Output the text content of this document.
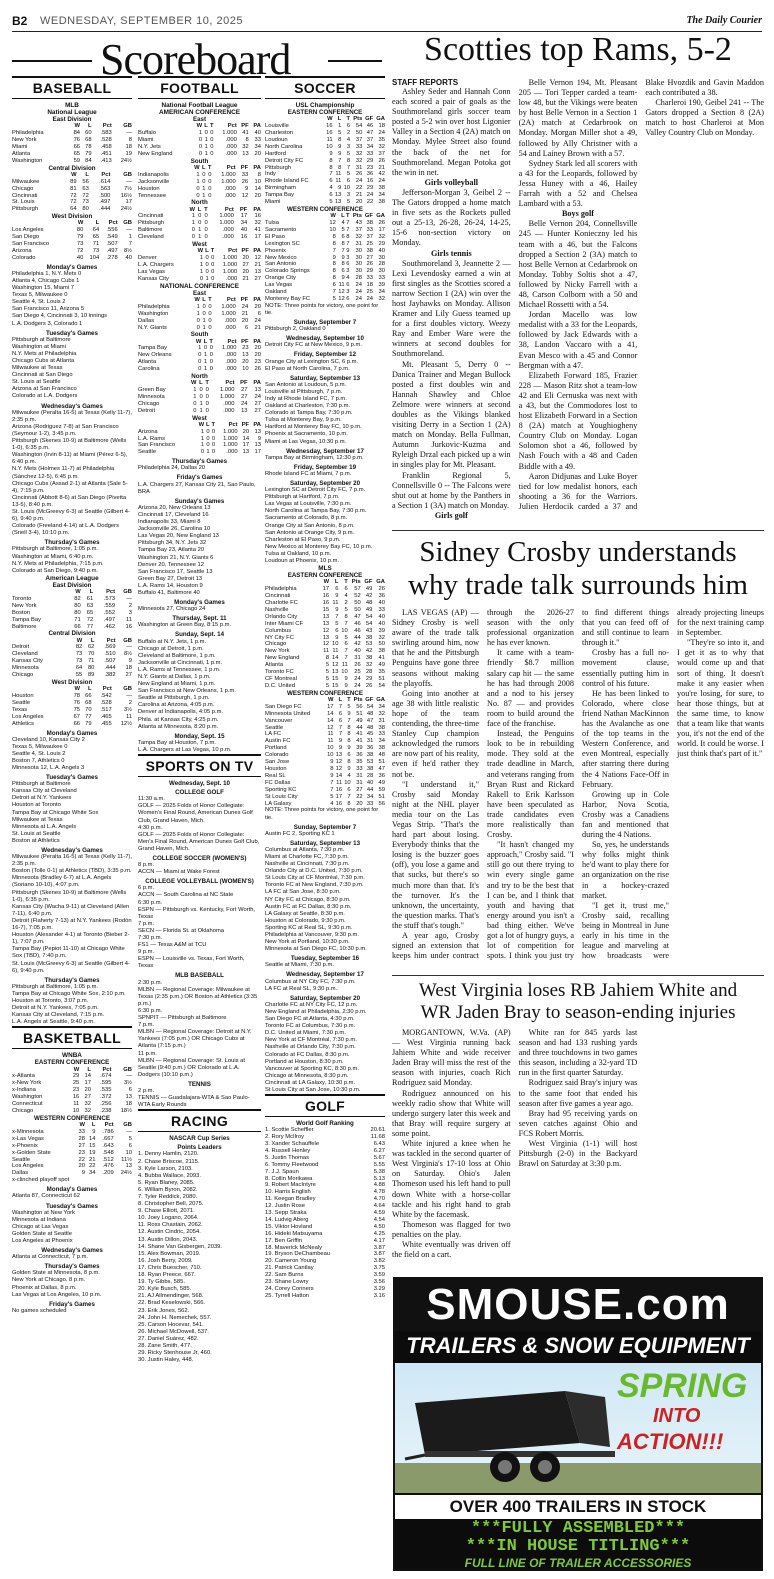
B2 WEDNESDAY, SEPTEMBER 10, 2025	The Daily Courier
Scoreboard
BASEBALL
MLB
National League
East Division
	W	L	Pct	GB
Philadelphia	84	60	.583	—
New York	76	68	.528	8
Miami	66	78	.458	18
Atlanta	65	79	.451	19
Washington	59	84	.413	24½
Central Division
	W	L	Pct	GB
Milwaukee	89	56	.614	—
Chicago	81	63	.563	7½
Cincinnati	72	72	.500	16½
St. Louis	72	73	.497	17
Pittsburgh	64	80	.444	24½
West Division
	W	L	Pct	GB
Los Angeles	80	64	.556	—
San Diego	79	65	.549	1
San Francisco	73	71	.507	7
Arizona	72	73	.497	8½
Colorado	40	104	.278	40
Monday's Games
Philadelphia 1, N.Y. Mets 0
Atlanta 4, Chicago Cubs 1
Washington 15, Miami 7
Texas 5, Milwaukee 0
Seattle 4, St. Louis 2
San Francisco 11, Arizona 5
San Diego 4, Cincinnati 3, 10 innings
L.A. Dodgers 3, Colorado 1
Tuesday's Games
Pittsburgh at Baltimore
Washington at Miami
N.Y. Mets at Philadelphia
Chicago Cubs at Atlanta
Milwaukee at Texas
Cincinnati at San Diego
St. Louis at Seattle
Arizona at San Francisco
Colorado at L.A. Dodgers
Wednesday's Games
Milwaukee (Peralta 16-5) at Texas (Kelly 11-7), 2:35 p.m.
Arizona (Rodriguez 7-8) at San Francisco (Seymour 1-2), 3:45 p.m.
Pittsburgh (Skenes 10-9) at Baltimore (Wells 1-0), 6:35 p.m.
Washington (Irvin 8-11) at Miami (Pérez 6-5), 6:40 p.m.
N.Y. Mets (Holmes 11-7) at Philadelphia (Sánchez 12-5), 6:45 p.m.
Chicago Cubs (Assad 2-1) at Atlanta (Sale 5-4), 7:15 p.m.
Cincinnati (Abbott 8-6) at San Diego (Pivetta 13-5), 8:40 p.m.
St. Louis (McGreevy 6-3) at Seattle (Gilbert 4-6), 9:40 p.m.
Colorado (Freeland 4-14) at L.A. Dodgers (Snell 3-4), 10:10 p.m.
Thursday's Games
Pittsburgh at Baltimore, 1:05 p.m.
Washington at Miami, 6:40 p.m.
N.Y. Mets at Philadelphia, 7:15 p.m.
Colorado at San Diego, 9:40 p.m.
American League
East Division
	W	L	Pct	GB
Toronto	82	61	.573	—
New York	80	63	.559	2
Boston	80	65	.552	3
Tampa Bay	71	72	.497	11
Baltimore	66	77	.462	16
Central Division
	W	L	Pct	GB
Detroit	82	62	.569	—
Cleveland	73	70	.510	8½
Kansas City	73	71	.507	9
Minnesota	64	80	.444	18
Chicago	55	89	.382	27
West Division
	W	L	Pct	GB
Houston	78	66	.542	—
Seattle	76	68	.528	2
Texas	75	70	.517	3½
Los Angeles	67	77	.465	11
Athletics	66	79	.455	12½
Monday's Games
Cleveland 10, Kansas City 2
Texas 5, Milwaukee 0
Seattle 4, St. Louis 2
Boston 7, Athletics 0
Minnesota 12, L.A. Angels 3
Tuesday's Games
Pittsburgh at Baltimore
Kansas City at Cleveland
Detroit at N.Y. Yankees
Houston at Toronto
Tampa Bay at Chicago White Sox
Milwaukee at Texas
Minnesota at L.A. Angels
St. Louis at Seattle
Boston at Athletics
Wednesday's Games
Milwaukee (Peralta 16-5) at Texas (Kelly 11-7), 2:35 p.m.
Boston (Tolle 0-1) at Athletics (TBD), 3:35 p.m.
Minnesota (Bradley 6-7) at L.A. Angels (Soriano 10-10), 4:07 p.m.
Pittsburgh (Skenes 10-9) at Baltimore (Wells 1-0), 6:35 p.m.
Kansas City (Wacha 9-11) at Cleveland (Allen 7-11), 6:40 p.m.
Detroit (Flaherty 7-13) at N.Y. Yankees (Rodón 16-7), 7:05 p.m.
Houston (Alexander 4-1) at Toronto (Bieber 2-1), 7:07 p.m.
Tampa Bay (Pepiot 11-10) at Chicago White Sox (TBD), 7:40 p.m.
St. Louis (McGreevy 6-3) at Seattle (Gilbert 4-6), 9:40 p.m.
Thursday's Games
Pittsburgh at Baltimore, 1:05 p.m.
Tampa Bay at Chicago White Sox, 2:10 p.m.
Houston at Toronto, 3:07 p.m.
Detroit at N.Y. Yankees, 7:05 p.m.
Kansas City at Cleveland, 7:15 p.m.
L.A. Angels at Seattle, 9:40 p.m.
BASKETBALL
WNBA
EASTERN CONFERENCE
	W	L	Pct	GB
x-Atlanta	29	14	.674	—
x-New York	25	17	.595	3½
x-Indiana	23	20	.535	6
Washington	16	27	.372	13
Connecticut	11	32	.256	18
Chicago	10	32	.238	18½
WESTERN CONFERENCE
	W	L	Pct	GB
x-Minnesota	33	9	.786	—
x-Las Vegas	28	14	.667	5
x-Phoenix	27	15	.643	6
x-Golden State	23	19	.548	10
Seattle	22	21	.512	11½
Los Angeles	20	22	.476	13
Dallas	9	34	.209	24½
x-clinched playoff spot
Monday's Games
Atlanta 87, Connecticut 62
Tuesday's Games
Washington at New York
Minnesota at Indiana
Chicago at Las Vegas
Golden State at Seattle
Los Angeles at Phoenix
Wednesday's Games
Atlanta at Connecticut, 7 p.m.
Thursday's Games
Golden State at Minnesota, 8 p.m.
New York at Chicago, 8 p.m.
Phoenix at Dallas, 8 p.m.
Las Vegas at Los Angeles, 10 p.m.
Friday's Games
No games scheduled
FOOTBALL
National Football League
AMERICAN CONFERENCE
East
	W	L	T	Pct	PF	PA
Buffalo	1	0	0	1.000	41	40
Miami	0	1	0	.000	8	33
N.Y. Jets	0	1	0	.000	32	34
New England	0	1	0	.000	13	20
South
	W	L	T	Pct	PF	PA
Indianapolis	1	0	0	1.000	33	8
Jacksonville	1	0	0	1.000	26	10
Houston	0	1	0	.000	9	14
Tennessee	0	1	0	.000	12	20
North
	W	L	T	Pct	PF	PA
Cincinnati	1	0	0	1.000	17	16
Pittsburgh	1	0	0	1.000	34	32
Baltimore	0	1	0	.000	40	41
Cleveland	0	1	0	.000	16	17
West
	W	L	T	Pct	PF	PA
Denver	1	0	0	1.000	20	12
L.A. Chargers	1	0	0	1.000	27	21
Las Vegas	1	0	0	1.000	20	13
Kansas City	0	1	0	.000	21	27
NATIONAL CONFERENCE
East
	W	L	T	Pct	PF	PA
Philadelphia	1	0	0	1.000	24	20
Washington	1	0	0	1.000	21	6
Dallas	0	1	0	.000	20	24
N.Y. Giants	0	1	0	.000	6	21
South
	W	L	T	Pct	PF	PA
Tampa Bay	1	0	0	1.000	23	20
New Orleans	0	1	0	.000	13	20
Atlanta	0	1	0	.000	20	23
Carolina	0	1	0	.000	10	26
North
	W	L	T	Pct	PF	PA
Green Bay	1	0	0	1.000	27	13
Minnesota	1	0	0	1.000	27	24
Chicago	0	1	0	.000	24	27
Detroit	0	1	0	.000	13	27
West
	W	L	T	Pct	PF	PA
Arizona	1	0	0	1.000	20	13
L.A. Rams	1	0	0	1.000	14	9
San Francisco	1	0	0	1.000	17	13
Seattle	0	1	0	.000	13	17
Thursday's Games
Philadelphia 24, Dallas 20
Friday's Games
L.A. Chargers 27, Kansas City 21, Sao Paulo, BRA
Sunday's Games
Arizona 20, New Orleans 13
Cincinnati 17, Cleveland 16
Indianapolis 33, Miami 8
Jacksonville 26, Carolina 10
Las Vegas 20, New England 13
Pittsburgh 34, N.Y. Jets 32
Tampa Bay 23, Atlanta 20
Washington 21, N.Y. Giants 6
Denver 20, Tennessee 12
San Francisco 17, Seattle 13
Green Bay 27, Detroit 13
L.A. Rams 14, Houston 9
Buffalo 41, Baltimore 40
Monday's Games
Minnesota 27, Chicago 24
Thursday, Sept. 11
Washington at Green Bay, 8:15 p.m.
Sunday, Sept. 14
Buffalo at N.Y. Jets, 1 p.m.
Chicago at Detroit, 1 p.m.
Cleveland at Baltimore, 1 p.m.
Jacksonville at Cincinnati, 1 p.m.
L.A. Rams at Tennessee, 1 p.m.
N.Y. Giants at Dallas, 1 p.m.
New England at Miami, 1 p.m.
San Francisco at New Orleans, 1 p.m.
Seattle at Pittsburgh, 1 p.m.
Carolina at Arizona, 4:05 p.m.
Denver at Indianapolis, 4:05 p.m.
Phila. at Kansas City, 4:25 p.m.
Atlanta at Minnesota, 8:20 p.m.
Monday, Sept. 15
Tampa Bay at Houston, 7 p.m.
L.A. Chargers at Las Vegas, 10 p.m.
SPORTS ON TV
Wednesday, Sept. 10
COLLEGE GOLF
11:30 a.m.
GOLF — 2025 Folds of Honor Collegiate: Women's Final Round, American Dunes Golf Club, Grand Haven, Mich.
4:30 p.m.
GOLF — 2025 Folds of Honor Collegiate: Men's Final Round, American Dunes Golf Club, Grand Haven, Mich.
COLLEGE SOCCER (WOMEN'S)
8 p.m.
ACCN — Miami at Wake Forest
COLLEGE VOLLEYBALL (WOMEN'S)
6 p.m.
ACCN — South Carolina at NC State
6:30 p.m.
ESPN — Pittsburgh vs. Kentucky, Fort Worth, Texas
7 p.m.
SECN — Florida St. at Oklahoma
7:30 p.m.
FS1 — Texas A&M at TCU
9 p.m.
ESPN — Louisville vs. Texas, Fort Worth, Texas
MLB BASEBALL
2:30 p.m.
MLBN — Regional Coverage: Milwaukee at Texas (2:35 p.m.) OR Boston at Athletics (3:35 p.m.)
6:30 p.m.
SPNPIT — Pittsburgh at Baltimore
7 p.m.
MLBN — Regional Coverage: Detroit at N.Y. Yankees (7:05 p.m.) OR Chicago Cubs at Atlanta (7:15 p.m.)
11 p.m.
MLBN — Regional Coverage: St. Louis at Seattle (9:40 p.m.) OR Colorado at L.A. Dodgers (10:10 p.m.)
TENNIS
2 p.m.
TENNIS — Guadalajara-WTA & Sao Paulo-WTA Early Rounds
RACING
NASCAR Cup Series
Points Leaders
1. Denny Hamlin, 2120.
2. Chase Briscoe, 2115.
3. Kyle Larson, 2103.
4. Bubba Wallace, 2093.
5. Ryan Blaney, 2085.
6. William Byron, 2082.
7. Tyler Reddick, 2080.
8. Christopher Bell, 2075.
9. Chase Elliott, 2071.
10. Joey Logano, 2064.
11. Ross Chastain, 2062.
12. Austin Cindric, 2054.
13. Austin Dillon, 2043.
14. Shane Van Gisbergen, 2039.
15. Alex Bowman, 2019.
16. Josh Berry, 2009.
17. Chris Buescher, 710.
18. Ryan Preece, 667.
19. Ty Gibbs, 585.
20. Kyle Busch, 585.
21. AJ Allmendinger, 568.
22. Brad Keselowski, 566.
23. Erik Jones, 562.
24. John H. Nemechek, 557.
25. Carson Hocevar, 541.
26. Michael McDowell, 537.
27. Daniel Suárez, 482.
28. Zane Smith, 477.
29. Ricky Stenhouse Jr, 460.
30. Justin Haley, 448.
SOCCER
USL Championship
EASTERN CONFERENCE
	W	L	T	Pts	GF	GA
Louisville	16	1	6	54	46	18
Charleston	16	5	2	50	47	24
Loudoun	11	8	4	37	37	35
North Carolina	10	9	3	33	34	32
Hartford	9	9	5	32	33	37
Detroit City FC	8	7	8	32	29	26
Pittsburgh	8	8	7	31	23	21
Indy	7	11	5	26	36	42
Rhode Island FC	6	11	6	24	16	24
Birmingham	4	9	10	22	29	38
Tampa Bay	6	13	3	21	24	34
Miami	5	13	5	20	22	38
WESTERN CONFERENCE
	W	L	T	Pts	GF	GA
Tulsa	12	4	7	43	38	26
Sacramento	10	5	7	37	33	17
El Paso	8	6	8	32	37	32
Lexington SC	8	8	7	31	25	29
Phoenix	7	7	9	30	38	40
New Mexico	9	9	3	30	27	30
San Antonio	8	8	6	30	26	28
Colorado Springs	8	6	3	30	29	30
Orange City	8	9	4	28	33	33
Las Vegas	6	11	6	24	18	39
Oakland	7	12	3	24	25	34
Monterey Bay FC	5	12	6	24	24	32
NOTE: Three points for victory, one point for tie.
Sunday, September 7
Pittsburgh 2, Oakland 0
Wednesday, September 10
Detroit City FC at New Mexico, 9 p.m.
Friday, September 12
Orange City at Lexington SC, 6 p.m.
El Paso at North Carolina, 7 p.m.
Saturday, September 13
San Antonio at Loudoun, 5 p.m.
Louisville at Pittsburgh, 7 p.m.
Indy at Rhode Island FC, 7 p.m.
Oakland at Charleston, 7:30 p.m.
Colorado at Tampa Bay, 7:30 p.m.
Tulsa at Monterey Bay, 9 p.m.
Hartford at Monterey Bay FC, 10 p.m.
Phoenix at Sacramento, 10 p.m.
Miami at Las Vegas, 10:30 p.m.
Wednesday, September 17
Tampa Bay at Birmingham, 12:30 p.m.
Friday, September 19
Rhode Island FC at Miami, 7 p.m.
Saturday, September 20
Lexington SC at Detroit City FC, 7 p.m.
Pittsburgh at Hartford, 7 p.m.
Las Vegas at Louisville, 7:30 p.m.
North Carolina at Tampa Bay, 7:30 p.m.
Sacramento at Colorado, 8 p.m.
Orange City at San Antonio, 8 p.m.
San Antonio at Orange City, 9 p.m.
Charleston at El Paso, 9 p.m.
New Mexico at Monterey Bay FC, 10 p.m.
Tulsa at Oakland, 10 p.m.
Loudoun at Phoenix, 10 p.m.
MLS
EASTERN CONFERENCE
	W	L	T	Pts	GF	GA
Philadelphia	17	6	6	57	49	26
Cincinnati	16	9	4	52	42	36
Charlotte FC	16	11	2	50	48	40
Nashville	15	9	5	50	49	33
Orlando City	13	7	8	47	54	40
Inter Miami CF	13	5	7	46	54	40
Columbus	12	6	10	46	43	39
NY City FC	13	9	5	44	38	32
Chicago	12	10	6	42	53	50
New York	11	11	7	40	42	38
New England	8	14	7	31	38	41
Atlanta	5	12	11	26	32	49
Toronto FC	5	13	10	25	28	35
CF Montreal	5	15	9	24	29	51
D.C. United	5	15	9	24	26	54
WESTERN CONFERENCE
	W	L	T	Pts	GF	GA
San Diego FC	17	7	5	56	54	34
Minnesota United	14	6	9	51	48	32
Vancouver	14	6	7	49	47	31
Seattle	12	7	8	44	48	38
LA FC	11	7	8	41	45	33
Austin FC	11	9	8	41	31	34
Portland	10	9	9	39	36	38
Colorado	10	13	6	36	38	48
San Jose	9	12	8	35	53	51
Houston	8	12	9	33	38	47
Real SL	9	14	4	31	28	36
FC Dallas	7	11	10	31	40	49
Sporting KC	7	16	6	27	44	59
St Louis City	5	17	7	22	34	51
LA Galaxy	4	16	8	20	33	56
NOTE: Three points for victory, one point for tie.
Sunday, September 7
Austin FC 2, Sporting KC 1
Saturday, September 13
Columbus at Atlanta, 7:30 p.m.
Miami at Charlotte FC, 7:30 p.m.
Nashville at Cincinnati, 7:30 p.m.
Orlando City at D.C. United, 7:30 p.m.
St Louis City at CF Montréal, 7:30 p.m.
Toronto FC at New England, 7:30 p.m.
LA FC at San Jose, 8:30 p.m.
NY City FC at Chicago, 8:30 p.m.
Austin FC at FC Dallas, 8:30 p.m.
LA Galaxy at Seattle, 8:30 p.m.
Houston at Colorado, 9:30 p.m.
Sporting KC at Real SL, 9:30 p.m.
Philadelphia at Vancouver, 9:30 p.m.
New York at Portland, 10:30 p.m.
Minnesota at San Diego FC, 10:30 p.m.
Tuesday, September 16
Seattle at Miami, 7:30 p.m.
Wednesday, September 17
Columbus at NY City FC, 7:30 p.m.
LA FC at Real SL, 9:30 p.m.
Saturday, September 20
Charlotte FC at NY City FC, 12 p.m.
New England at Philadelphia, 2:30 p.m.
San Diego FC at Atlanta, 4:30 p.m.
Toronto FC at Columbus, 7:30 p.m.
D.C. United at Miami, 7:30 p.m.
New York at CF Montréal, 7:30 p.m.
Nashville at Orlando City, 7:30 p.m.
Colorado at FC Dallas, 8:30 p.m.
Portland at Houston, 8:30 p.m.
Vancouver at Sporting KC, 8:30 p.m.
Chicago at Minnesota, 8:30 p.m.
Cincinnati at LA Galaxy, 10:30 p.m.
St Louis City at San Jose, 10:30 p.m.
GOLF
World Golf Ranking

1. Scottie Scheffler	20.61
2. Rory McIlroy	11.68
3. Xander Schauffele	6.43
4. Russell Henley	6.27
5. Justin Thomas	5.67
6. Tommy Fleetwood	5.55
7. J.J. Spaun	5.38
8. Collin Morikawa	5.13
9. Robert MacIntyre	4.88
10. Harris English	4.78
11. Keegan Bradley	4.70
12. Justin Rose	4.64
13. Sepp Straka	4.59
14. Ludvig Aberg	4.54
15. Viktor Hovland	4.50
16. Hideki Matsuyama	4.25
17. Ben Griffin	4.17
18. Maverick McNealy	3.87
19. Bryson DeChambeau	3.87
20. Cameron Young	3.82
21. Patrick Cantlay	3.75
22. Sam Burns	3.59
23. Shane Lowry	3.56
24. Corey Conners	3.29
25. Tyrrell Hatton	3.16
Scotties top Rams, 5-2
STAFF REPORTS

Ashley Seder and Hannah Conn each scored a pair of goals as the Southmoreland girls soccer team posted a 5-2 win over host Ligonier Valley in a Section 4 (2A) match on Monday. Mylee Street also found the back of the net for Southmoreland. Megan Potoka got the win in net.

Girls volleyball

Jefferson-Morgan 3, Geibel 2 -- The Gators dropped a home match in five sets as the Rockets pulled out a 25-13, 26-28, 26-24, 14-25, 15-6 non-section victory on Monday.

Girls tennis

Southmoreland 3, Jeannette 2 — Lexi Levendosky earned a win at first singles as the Scotties scored a narrow Section 1 (2A) win over the host Jayhawks on Monday. Allison Kramer and Lily Guess teamed up for a first doubles victory. Weezy Ray and Ember Ware were the winners at second doubles for Southmoreland.

Mt. Pleasant 5, Derry 0 -- Danica Trainer and Megan Bullock posted a first doubles win and Hannah Shawley and Chloe Zelmore were winners at second doubles as the Vikings blanked visiting Derry in a Section 1 (2A) match on Monday. Bella Fullman, Autumn Jurkovic-Kuzma and Ryleigh Drzal each picked up a win in singles play for Mt. Pleasant.

Franklin Regional 5, Connellsville 0 -- The Falcons were shut out at home by the Panthers in a Section 1 (3A) match on Monday.

Girls golf

Belle Vernon 194, Mt. Pleasant 205 — Tori Tepper carded a team-low 48, but the Vikings were beaten by host Belle Vernon in a Section 1 (2A) match at Cedarbrook on Monday. Morgan Miller shot a 49, followed by Ally Christner with a 54 and Lainey Brown with a 57.

Sydney Stark led all scorers with a 43 for the Leopards, followed by Jessa Huney with a 46, Hailey Farrah with a 52 and Chelsea Lambard with a 53.

Boys golf

Belle Vernon 204, Connellsville 245 — Hunter Konieczny led his team with a 46, but the Falcons dropped a Section 2 (3A) match to host Belle Vernon at Cedarbrook on Monday. Tobby Soltis shot a 47, followed by Nicky Farrell with a 48, Carson Colborn with a 50 and Michael Rossetti with a 54.

Jordan Macello was low medalist with a 33 for the Leopards, followed by Jack Edwards with a 38, Landon Vaccaro with a 41, Evan Mesco with a 45 and Connor Bergman with a 47.

Elizabeth Forward 185, Frazier 228 — Mason Ritz shot a team-low 42 and Eli Cernuska was next with a 43, but the Commodores lost to host Elizabeth Forward in a Section 8 (2A) match at Youghiogheny Country Club on Monday. Logan Solomon shot a 46, followed by Nash Fouch with a 48 and Caden Biddle with a 49.

Aaron Didjunas and Luke Boyer tied for low medalist honors, each shooting a 36 for the Warriors. Julien Herdocik carded a 37 and Blake Hvozdik and Gavin Maddon each contributed a 38.

Charleroi 190, Geibel 241 -- The Gators dropped a Section 8 (2A) match to host Charleroi at Mon Valley Country Club on Monday.

Sidney Crosby understands
why trade talk surrounds him

LAS VEGAS (AP) — Sidney Crosby is well aware of the trade talk swirling around him, now that he and the Pittsburgh Penguins have gone three seasons without making the playoffs.

Going into another at age 38 with little realistic hope of the team contending, the three-time Stanley Cup champion acknowledged the rumors are now part of his reality, even if he'd rather they not be.

"I understand it," Crosby said Monday night at the NHL player media tour on the Las Vegas Strip. "That's the hard part about losing. Everybody thinks that the losing is the buzzer goes (off), you lose a game and that sucks, but there's so much more than that. It's the turnover. It's the unknown, the uncertainty, the question marks. That's the stuff that's tough."

A year ago, Crosby signed an extension that keeps him under contract through the 2026-27 season with the only professional organization he has ever known.

It came with a team-friendly $8.7 million salary cap hit — the same he has had through 2008 and a nod to his jersey No. 87 — and provides room to build around the face of the franchise.

Instead, the Penguins look to be in rebuilding mode. They sold at the trade deadline in March, and veterans ranging from Bryan Rust and Rickard Rakell to Erik Karlsson have been speculated as trade candidates even more realistically than Crosby.

"It hasn't changed my approach," Crosby said. "I still go out there trying to win every single game and try to be the best that I can be, and I think that youth and having that energy around you isn't a bad thing either. We've got a lot of hungry guys, a lot of competition for spots. I think you just try to find different things that you can feed off of and still continue to learn through it."

Crosby has a full no-movement clause, essentially putting him in control of his future.

He has been linked to Colorado, where close friend Nathan MacKinnon has the Avalanche as one of the top teams in the Western Conference, and even Montreal, especially after starring there during the 4 Nations Face-Off in February.

Growing up in Cole Harbor, Nova Scotia, Crosby was a Canadiens fan and mentioned that during the 4 Nations.

So, yes, he understands why folks might think he'd want to play there for an organization on the rise in a hockey-crazed market.

"I get it, trust me," Crosby said, recalling being in Montreal in June early in his time in the league and marveling at how broadcasts were already projecting lineups for the next training camp in September.

"They're so into it, and I get it as to why that would come up and that sort of thing. It doesn't make it any easier when you're losing, for sure, to hear those things, but at the same time, to know that a team like that wants you, it's not the end of the world. It could be worse. I just think that's part of it."

West Virginia loses RB Jahiem White and
WR Jaden Bray to season-ending injuries

MORGANTOWN, W.Va. (AP) — West Virginia running back Jahiem White and wide receiver Jaden Bray will miss the rest of the season with injuries, coach Rich Rodriguez said Monday.

Rodriguez announced on his weekly radio show that White will undergo surgery later this week and that Bray will require surgery at some point.

White injured a knee when he was tackled in the second quarter of West Virginia's 17-10 loss at Ohio on Saturday. Ohio's Jalen Thomeson used his left hand to pull down White with a horse-collar tackle and his right hand to grab White by the facemask.

Thomeson was flagged for two penalties on the play.

White eventually was driven off the field on a cart.

White ran for 845 yards last season and had 133 rushing yards and three touchdowns in two games this season, including a 32-yard TD run in the first quarter Saturday.

Rodriguez said Bray's injury was to the same foot that ended his season after five games a year ago.

Bray had 95 receiving yards on seven catches against Ohio and FCS Robert Morris.

West Virginia (1-1) will host Pittsburgh (2-0) in the Backyard Brawl on Saturday at 3:30 p.m.

SMOUSE.com
TRAILERS & SNOW EQUIPMENT
SPRING
INTO
ACTION!!!
OVER 400 TRAILERS IN STOCK
***FULLY ASSEMBLED***
***IN HOUSE TITLING***
FULL LINE OF TRAILER ACCESSORIES
